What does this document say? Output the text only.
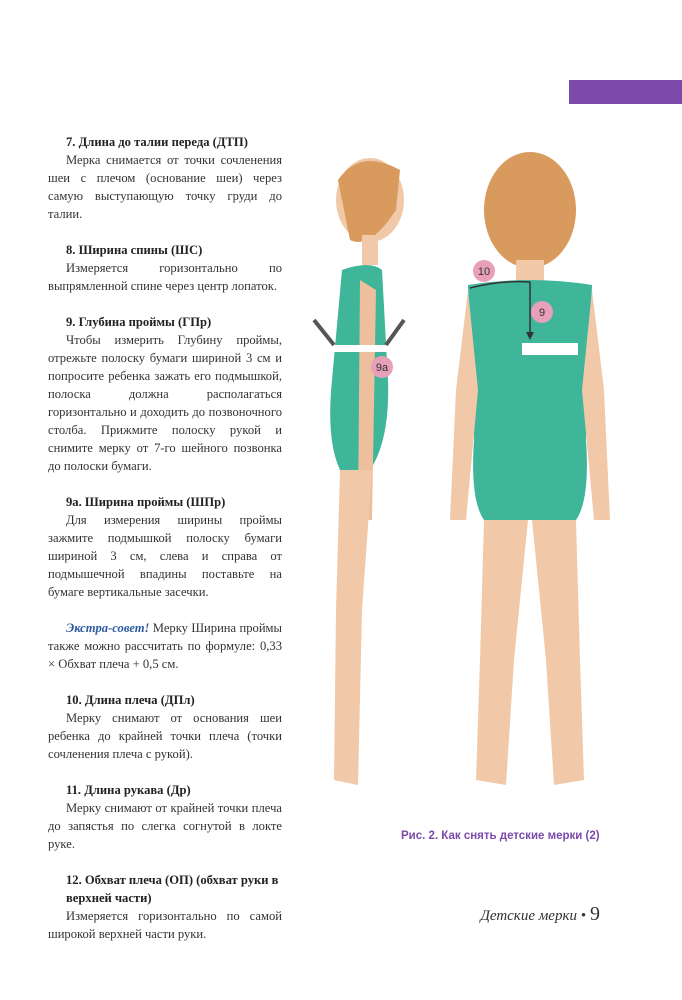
7. Длина до талии переда (ДТП)
Мерка снимается от точки сочленения шеи с плечом (основание шеи) через самую выступающую точку груди до талии.
8. Ширина спины (ШС)
Измеряется горизонтально по выпрямленной спине через центр лопаток.
9. Глубина проймы (ГПр)
Чтобы измерить Глубину проймы, отрежьте полоску бумаги шириной 3 см и попросите ребенка зажать его подмышкой, полоска должна располагаться горизонтально и доходить до позвоночного столба. Прижмите полоску рукой и снимите мерку от 7-го шейного позвонка до полоски бумаги.
9а. Ширина проймы (ШПр)
Для измерения ширины проймы зажмите подмышкой полоску бумаги шириной 3 см, слева и справа от подмышечной впадины поставьте на бумаге вертикальные засечки.
Экстра-совет! Мерку Ширина проймы также можно рассчитать по формуле: 0,33 × Обхват плеча + 0,5 см.
10. Длина плеча (ДПл)
Мерку снимают от основания шеи ребенка до крайней точки плеча (точки сочленения плеча с рукой).
11. Длина рукава (Др)
Мерку снимают от крайней точки плеча до запястья по слегка согнутой в локте руке.
12. Обхват плеча (ОП) (обхват руки в верхней части)
Измеряется горизонтально по самой широкой верхней части руки.
9а
10
9
Рис. 2. Как снять детские мерки (2)
Детские мерки • 9
